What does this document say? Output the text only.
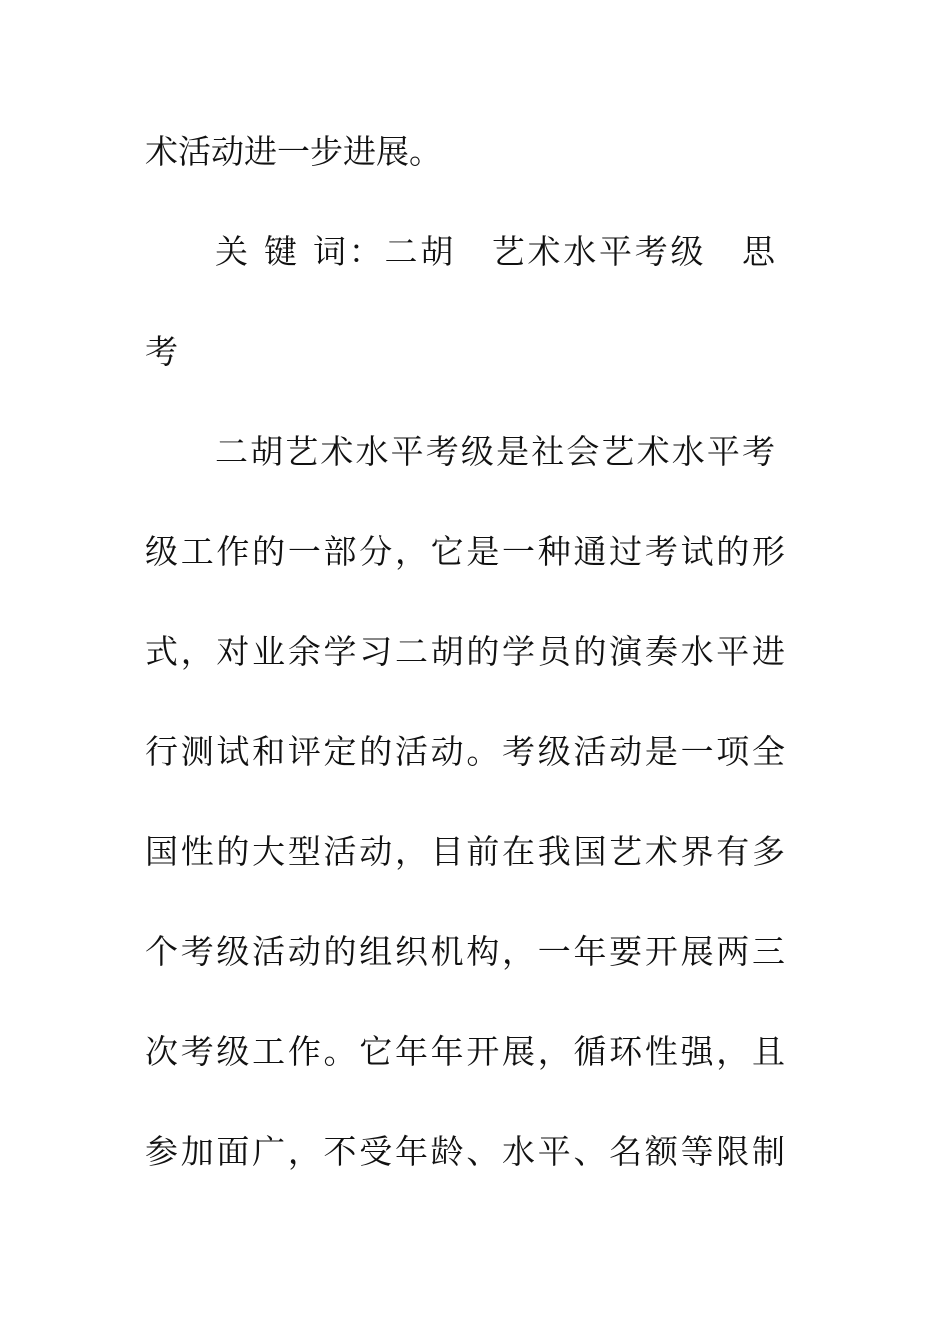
术活动进一步进展。
关 键 词：二胡　艺术水平考级　思
考
二胡艺术水平考级是社会艺术水平考
级工作的一部分，它是一种通过考试的形
式，对业余学习二胡的学员的演奏水平进
行测试和评定的活动。考级活动是一项全
国性的大型活动，目前在我国艺术界有多
个考级活动的组织机构，一年要开展两三
次考级工作。它年年开展，循环性强，且
参加面广，不受年龄、水平、名额等限制
